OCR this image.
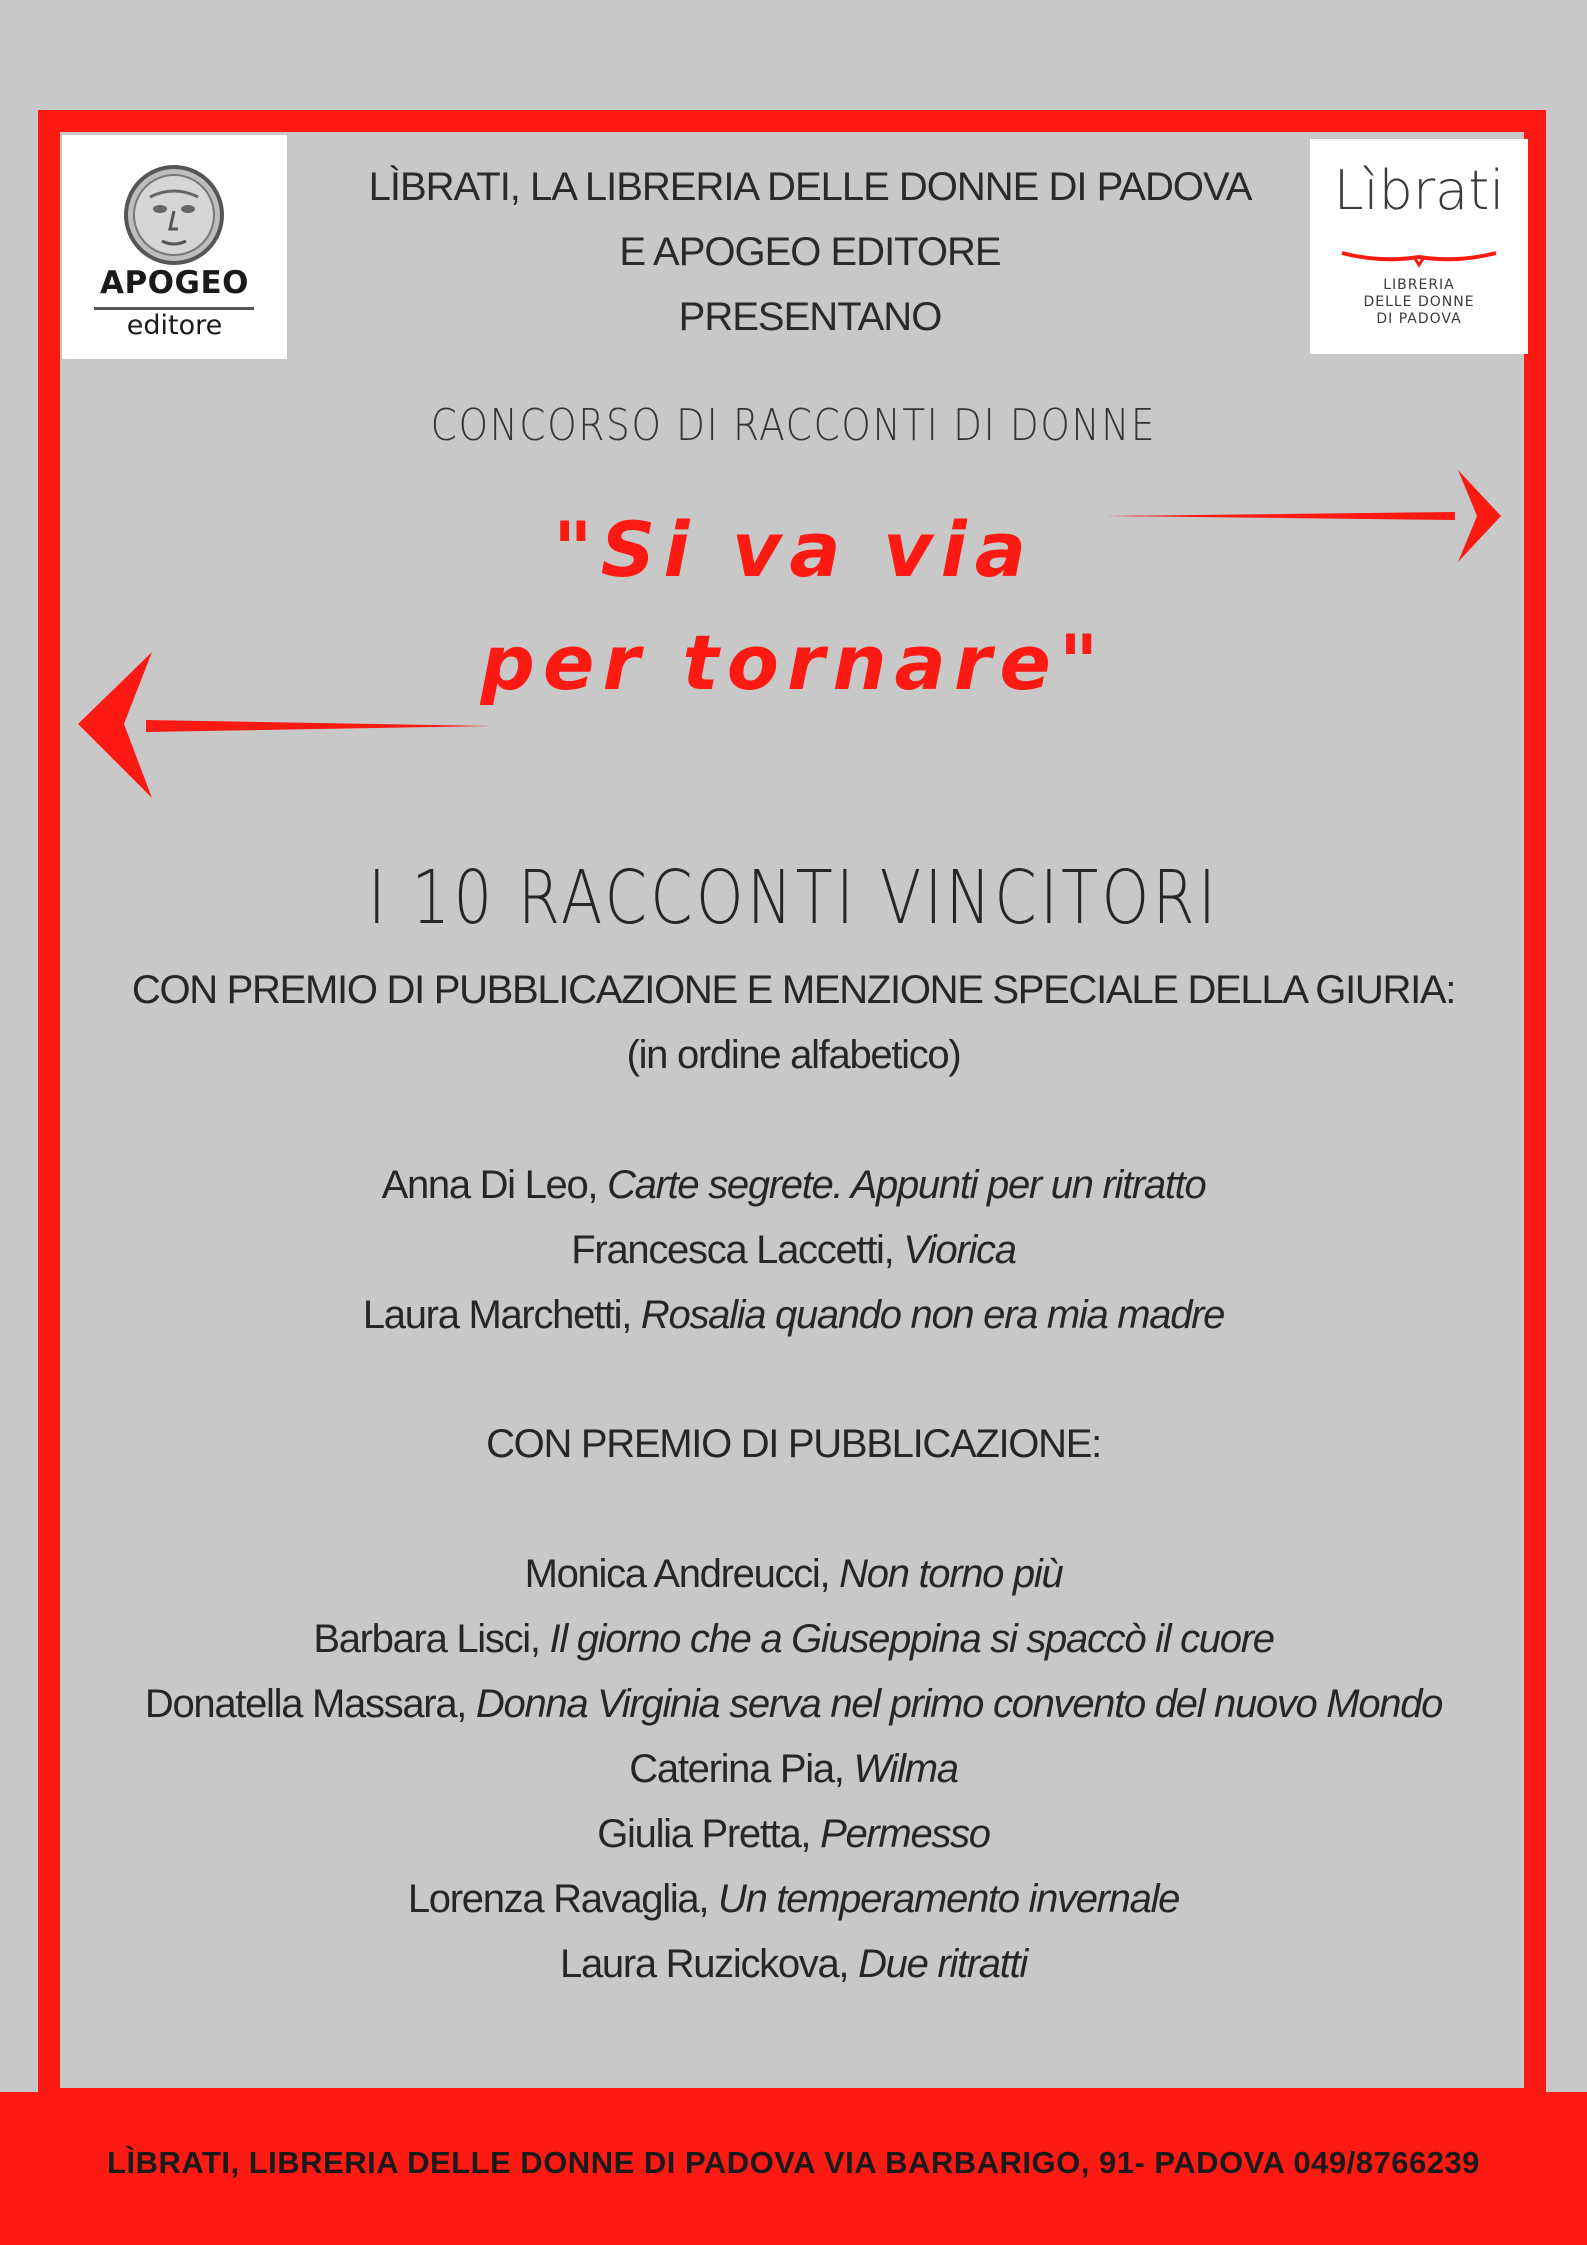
APOGEO
editore
Lìbrati
LIBRERIA
DELLE DONNE
DI PADOVA
LÌBRATI, LA LIBRERIA DELLE DONNE DI PADOVA
E APOGEO EDITORE
PRESENTANO
CONCORSO DI RACCONTI DI DONNE
"Si va via
per tornare"
I 10 RACCONTI VINCITORI
CON PREMIO DI PUBBLICAZIONE E MENZIONE SPECIALE DELLA GIURIA:
(in ordine alfabetico)
Anna Di Leo, Carte segrete. Appunti per un ritratto
Francesca Laccetti, Viorica
Laura Marchetti, Rosalia quando non era mia madre
CON PREMIO DI PUBBLICAZIONE:
Monica Andreucci, Non torno più
Barbara Lisci, Il giorno che a Giuseppina si spaccò il cuore
Donatella Massara, Donna Virginia serva nel primo convento del nuovo Mondo
Caterina Pia, Wilma
Giulia Pretta, Permesso
Lorenza Ravaglia, Un temperamento invernale
Laura Ruzickova, Due ritratti
LÌBRATI, LIBRERIA DELLE DONNE DI PADOVA VIA BARBARIGO, 91- PADOVA 049/8766239
